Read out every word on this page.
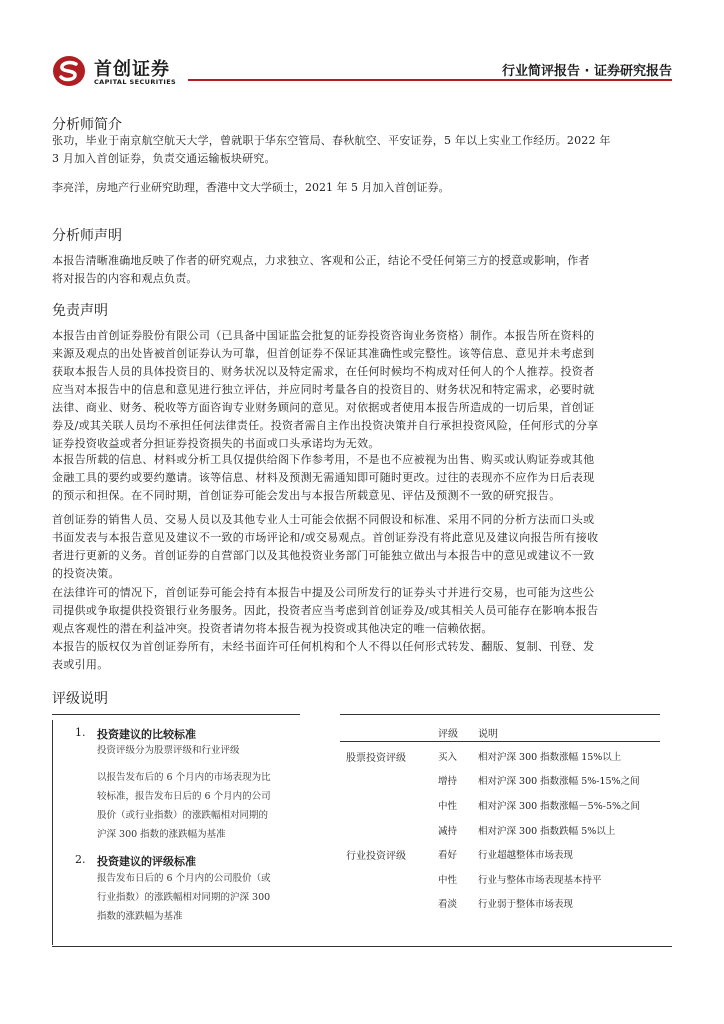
首创证券
CAPITAL SECURITIES
行业简评报告 · 证券研究报告
分析师简介
张功，毕业于南京航空航天大学，曾就职于华东空管局、春秋航空、平安证券，5 年以上实业工作经历。2022 年
3 月加入首创证券，负责交通运输板块研究。
李亮洋，房地产行业研究助理，香港中文大学硕士，2021 年 5 月加入首创证券。
分析师声明
本报告清晰准确地反映了作者的研究观点，力求独立、客观和公正，结论不受任何第三方的授意或影响，作者
将对报告的内容和观点负责。
免责声明
本报告由首创证券股份有限公司（已具备中国证监会批复的证券投资咨询业务资格）制作。本报告所在资料的
来源及观点的出处皆被首创证券认为可靠，但首创证券不保证其准确性或完整性。该等信息、意见并未考虑到
获取本报告人员的具体投资目的、财务状况以及特定需求，在任何时候均不构成对任何人的个人推荐。投资者
应当对本报告中的信息和意见进行独立评估，并应同时考量各自的投资目的、财务状况和特定需求，必要时就
法律、商业、财务、税收等方面咨询专业财务顾问的意见。对依据或者使用本报告所造成的一切后果，首创证
券及/或其关联人员均不承担任何法律责任。投资者需自主作出投资决策并自行承担投资风险，任何形式的分享
证券投资收益或者分担证券投资损失的书面或口头承诺均为无效。
本报告所载的信息、材料或分析工具仅提供给阁下作参考用，不是也不应被视为出售、购买或认购证券或其他
金融工具的要约或要约邀请。该等信息、材料及预测无需通知即可随时更改。过往的表现亦不应作为日后表现
的预示和担保。在不同时期，首创证券可能会发出与本报告所载意见、评估及预测不一致的研究报告。
首创证券的销售人员、交易人员以及其他专业人士可能会依据不同假设和标准、采用不同的分析方法而口头或
书面发表与本报告意见及建议不一致的市场评论和/或交易观点。首创证券没有将此意见及建议向报告所有接收
者进行更新的义务。首创证券的自营部门以及其他投资业务部门可能独立做出与本报告中的意见或建议不一致
的投资决策。
在法律许可的情况下，首创证券可能会持有本报告中提及公司所发行的证券头寸并进行交易，也可能为这些公
司提供或争取提供投资银行业务服务。因此，投资者应当考虑到首创证券及/或其相关人员可能存在影响本报告
观点客观性的潜在利益冲突。投资者请勿将本报告视为投资或其他决定的唯一信赖依据。
本报告的版权仅为首创证券所有，未经书面许可任何机构和个人不得以任何形式转发、翻版、复制、刊登、发
表或引用。
评级说明
1. 投资建议的比较标准
投资评级分为股票评级和行业评级
以报告发布后的 6 个月内的市场表现为比
较标准，报告发布日后的 6 个月内的公司
股价（或行业指数）的涨跌幅相对同期的
沪深 300 指数的涨跌幅为基准
2. 投资建议的评级标准
报告发布日后的 6 个月内的公司股价（或
行业指数）的涨跌幅相对同期的沪深 300
指数的涨跌幅为基准
评级 说明
股票投资评级	买入 相对沪深 300 指数涨幅 15%以上
增持 相对沪深 300 指数涨幅 5%-15%之间
中性 相对沪深 300 指数涨幅－5%-5%之间
减持 相对沪深 300 指数跌幅 5%以上
行业投资评级	看好 行业超越整体市场表现
中性 行业与整体市场表现基本持平
看淡 行业弱于整体市场表现
